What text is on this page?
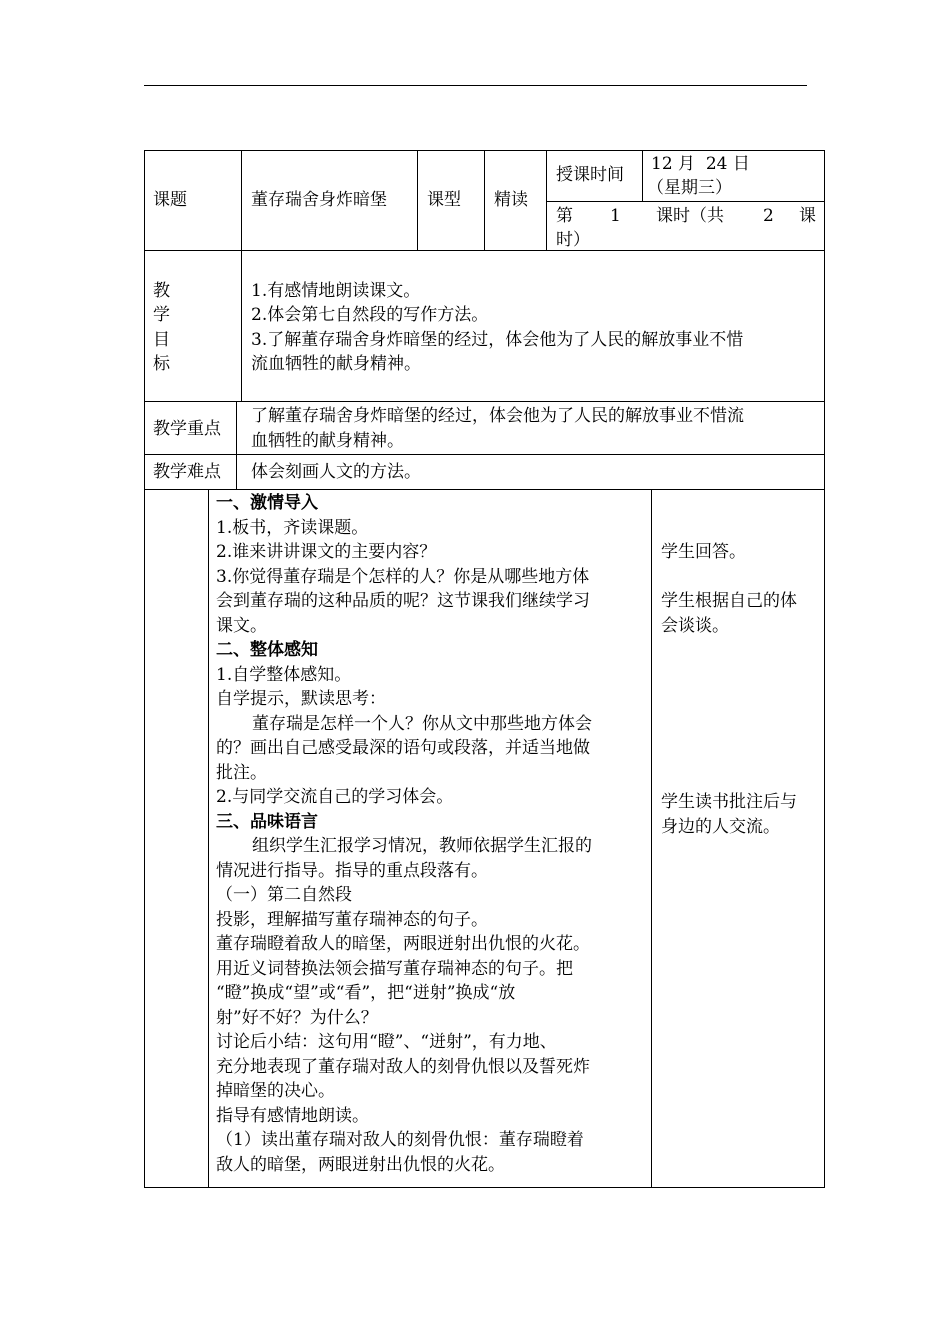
课题	董存瑞舍身炸暗堡 课型 精读
授课时间
12 月  24 日
（星期三）
第 1 课时（共 2 课
时）
教
学
目
标
1.有感情地朗读课文。
2.体会第七自然段的写作方法。
3.了解董存瑞舍身炸暗堡的经过，体会他为了人民的解放事业不惜
流血牺牲的献身精神。
教学重点
了解董存瑞舍身炸暗堡的经过，体会他为了人民的解放事业不惜流
血牺牲的献身精神。
教学难点 体会刻画人文的方法。
一、激情导入
1.板书，齐读课题。
2.谁来讲讲课文的主要内容？
3.你觉得董存瑞是个怎样的人？你是从哪些地方体
会到董存瑞的这种品质的呢？这节课我们继续学习
课文。
二、整体感知
1.自学整体感知。
自学提示，默读思考：
董存瑞是怎样一个人？你从文中那些地方体会
的？画出自己感受最深的语句或段落，并适当地做
批注。
2.与同学交流自己的学习体会。
三、品味语言
组织学生汇报学习情况，教师依据学生汇报的
情况进行指导。指导的重点段落有。
（一）第二自然段
投影，理解描写董存瑞神态的句子。
董存瑞瞪着敌人的暗堡，两眼迸射出仇恨的火花。
用近义词替换法领会描写董存瑞神态的句子。把
“瞪”换成“望”或“看”，把“迸射”换成“放
射”好不好？为什么？
讨论后小结：这句用“瞪”、“迸射”，有力地、
充分地表现了董存瑞对敌人的刻骨仇恨以及誓死炸
掉暗堡的决心。
指导有感情地朗读。
（1）读出董存瑞对敌人的刻骨仇恨：董存瑞瞪着
敌人的暗堡，两眼迸射出仇恨的火花。
学生回答。
学生根据自己的体
会谈谈。
学生读书批注后与
身边的人交流。
